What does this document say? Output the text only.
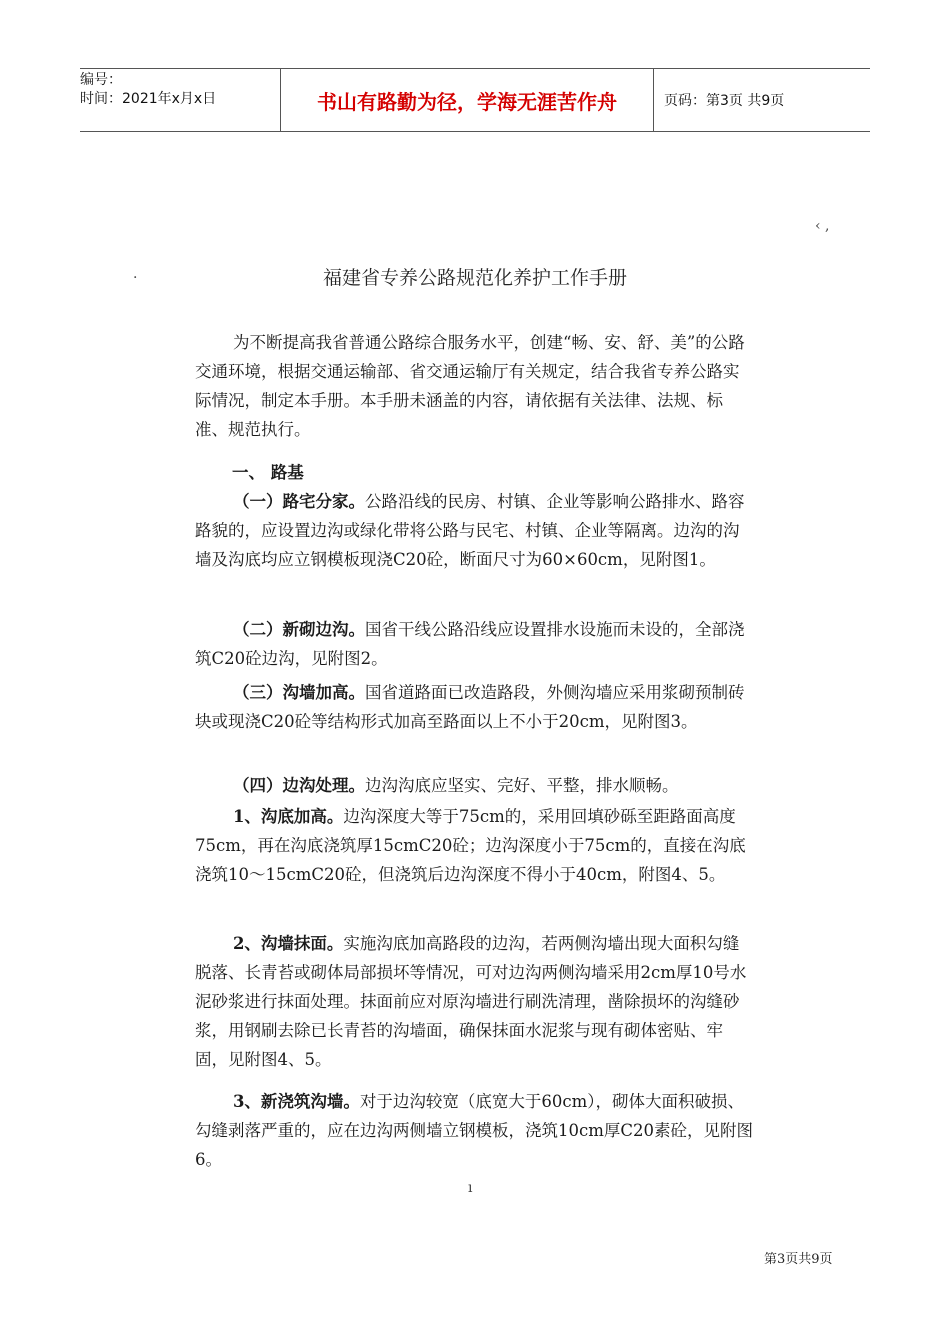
编号：
时间：2021年x月x日	书山有路勤为径，学海无涯苦作舟	页码：第3页 共9页
‹ ,
·	福建省专养公路规范化养护工作手册

为不断提高我省普通公路综合服务水平，创建“畅、安、舒、美”的公路交通环境，根据交通运输部、省交通运输厅有关规定，结合我省专养公路实际情况，制定本手册。本手册未涵盖的内容，请依据有关法律、法规、标准、规范执行。

一、 路基

（一）路宅分家。公路沿线的民房、村镇、企业等影响公路排水、路容路貌的，应设置边沟或绿化带将公路与民宅、村镇、企业等隔离。边沟的沟墙及沟底均应立钢模板现浇C20砼，断面尺寸为60×60cm，见附图1。

（二）新砌边沟。国省干线公路沿线应设置排水设施而未设的，全部浇筑C20砼边沟，见附图2。

（三）沟墙加高。国省道路面已改造路段，外侧沟墙应采用浆砌预制砖块或现浇C20砼等结构形式加高至路面以上不小于20cm，见附图3。

（四）边沟处理。边沟沟底应坚实、完好、平整，排水顺畅。

1、沟底加高。边沟深度大等于75cm的，采用回填砂砾至距路面高度75cm，再在沟底浇筑厚15cmC20砼；边沟深度小于75cm的，直接在沟底浇筑10～15cmC20砼，但浇筑后边沟深度不得小于40cm，附图4、5。

2、沟墙抹面。实施沟底加高路段的边沟，若两侧沟墙出现大面积勾缝脱落、长青苔或砌体局部损坏等情况，可对边沟两侧沟墙采用2cm厚10号水泥砂浆进行抹面处理。抹面前应对原沟墙进行刷洗清理，凿除损坏的沟缝砂浆，用钢刷去除已长青苔的沟墙面，确保抹面水泥浆与现有砌体密贴、牢固，见附图4、5。

3、新浇筑沟墙。对于边沟较宽（底宽大于60cm），砌体大面积破损、勾缝剥落严重的，应在边沟两侧墙立钢模板，浇筑10cm厚C20素砼，见附图6。

ı
第3页共9页
